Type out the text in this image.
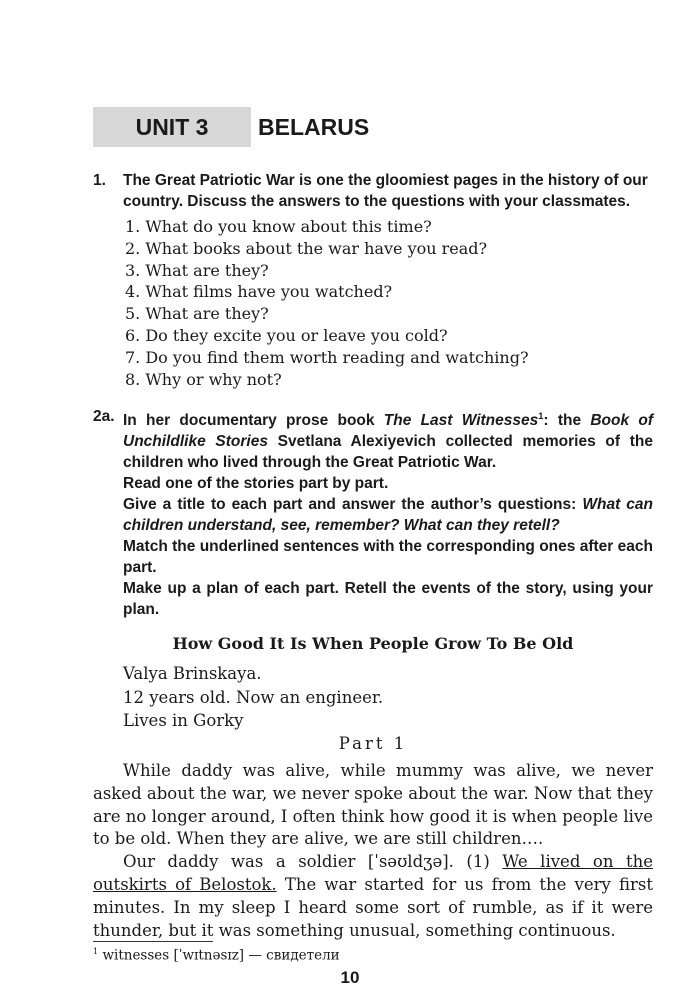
UNIT 3	BELARUS
1. The Great Patriotic War is one the gloomiest pages in the history of our

country. Discuss the answers to the questions with your classmates.

1. What do you know about this time?
2. What books about the war have you read?
3. What are they?
4. What films have you watched?
5. What are they?
6. Do they excite you or leave you cold?
7. Do you find them worth reading and watching?
8. Why or why not?
2a. In her documentary prose book The Last Witnesses$^1$: the Book of Unchildlike Stories Svetlana Alexiyevich collected memories of the children who lived through the Great Patriotic War.

Read one of the stories part by part.

Give a title to each part and answer the author’s questions: What can children understand, see, remember? What can they retell?

Match the underlined sentences with the corresponding ones after each part.

Make up a plan of each part. Retell the events of the story, using your plan.

How Good It Is When People Grow To Be Old
Valya Brinskaya.
12 years old. Now an engineer.
Lives in Gorky
Part 1

While daddy was alive, while mummy was alive, we never asked about the war, we never spoke about the war. Now that they are no longer around, I often think how good it is when people live to be old. When they are alive, we are still children….

Our daddy was a soldier [ˈsəʊldʒə]. (1) We lived on the outskirts of Belostok. The war started for us from the very first minutes. In my sleep I heard some sort of rumble, as if it were thunder, but it was something unusual, something continuous.

$^1$ witnesses [ˈwɪtnəsɪz] — свидетели
10
